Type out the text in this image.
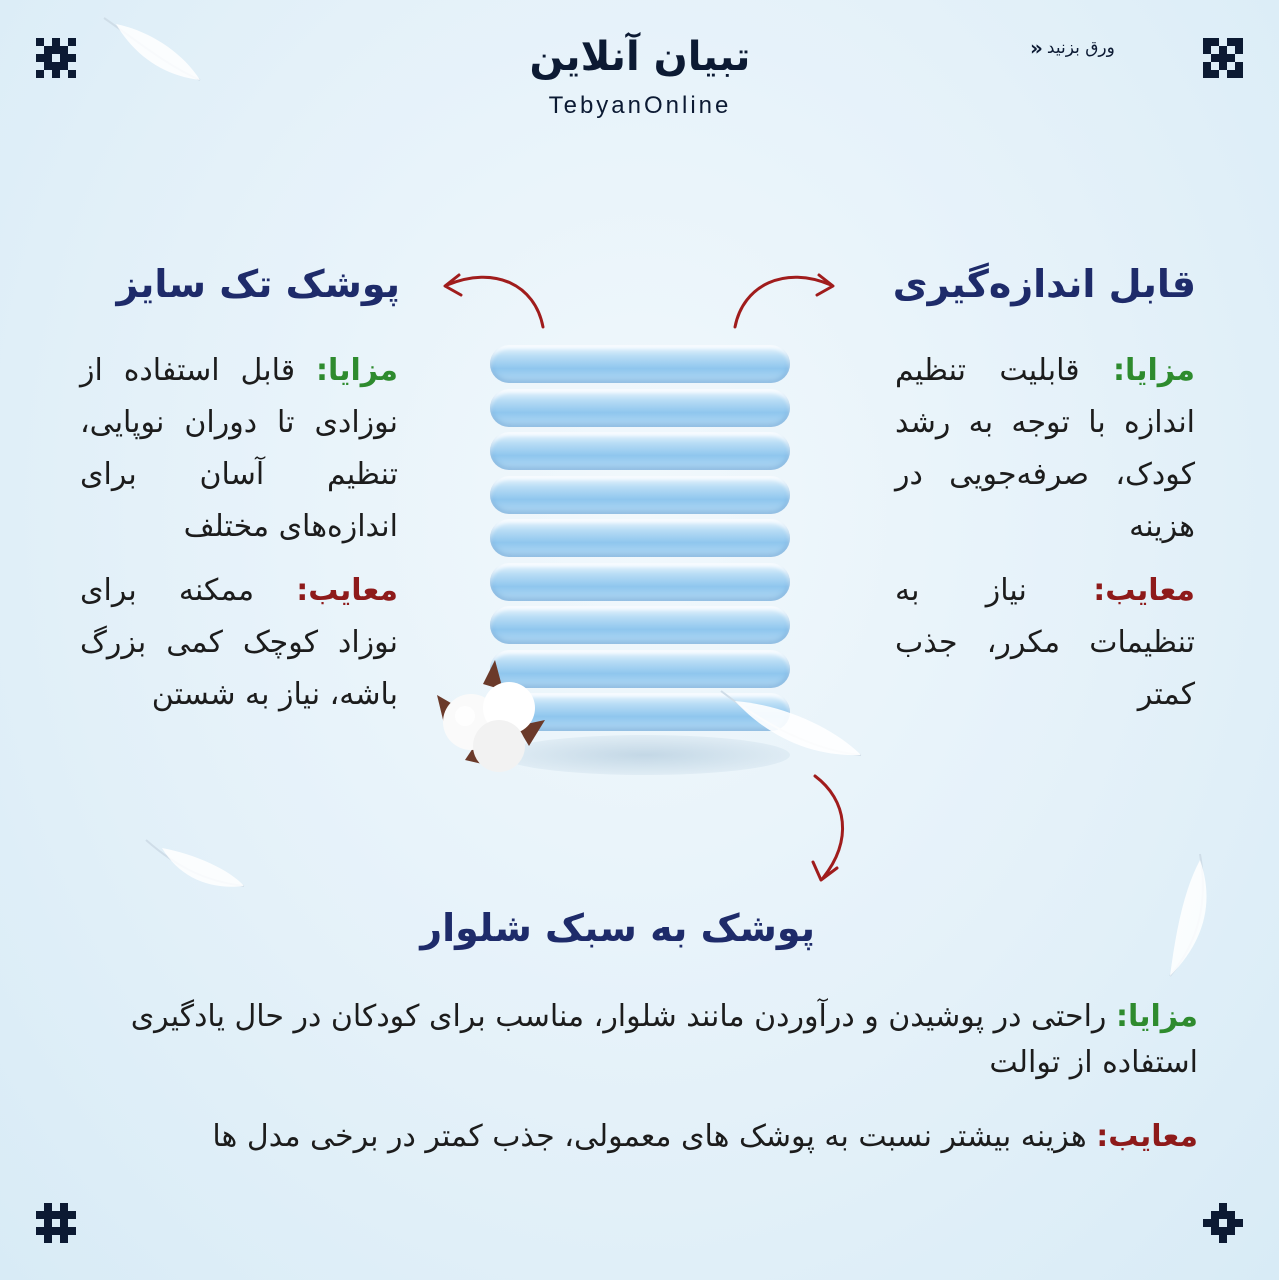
تبیان آنلاین
TebyanOnline
ورق بزنید
«
پوشک تک سایز
مزایا: قابل استفاده از نوزادی تا دوران نوپایی، تنظیم آسان برای اندازه‌های مختلف
معایب: ممکنه برای نوزاد کوچک کمی بزرگ باشه، نیاز به شستن
قابل اندازه‌گیری
مزایا: قابلیت تنظیم اندازه با توجه به رشد کودک، صرفه‌جویی در هزینه
معایب: نیاز به تنظیمات مکرر، جذب کمتر
پوشک به سبک شلوار
مزایا: راحتی در پوشیدن و درآوردن مانند شلوار، مناسب برای کودکان در حال یادگیری استفاده از توالت
معایب: هزینه بیشتر نسبت به پوشک های معمولی، جذب کمتر در برخی مدل ها
